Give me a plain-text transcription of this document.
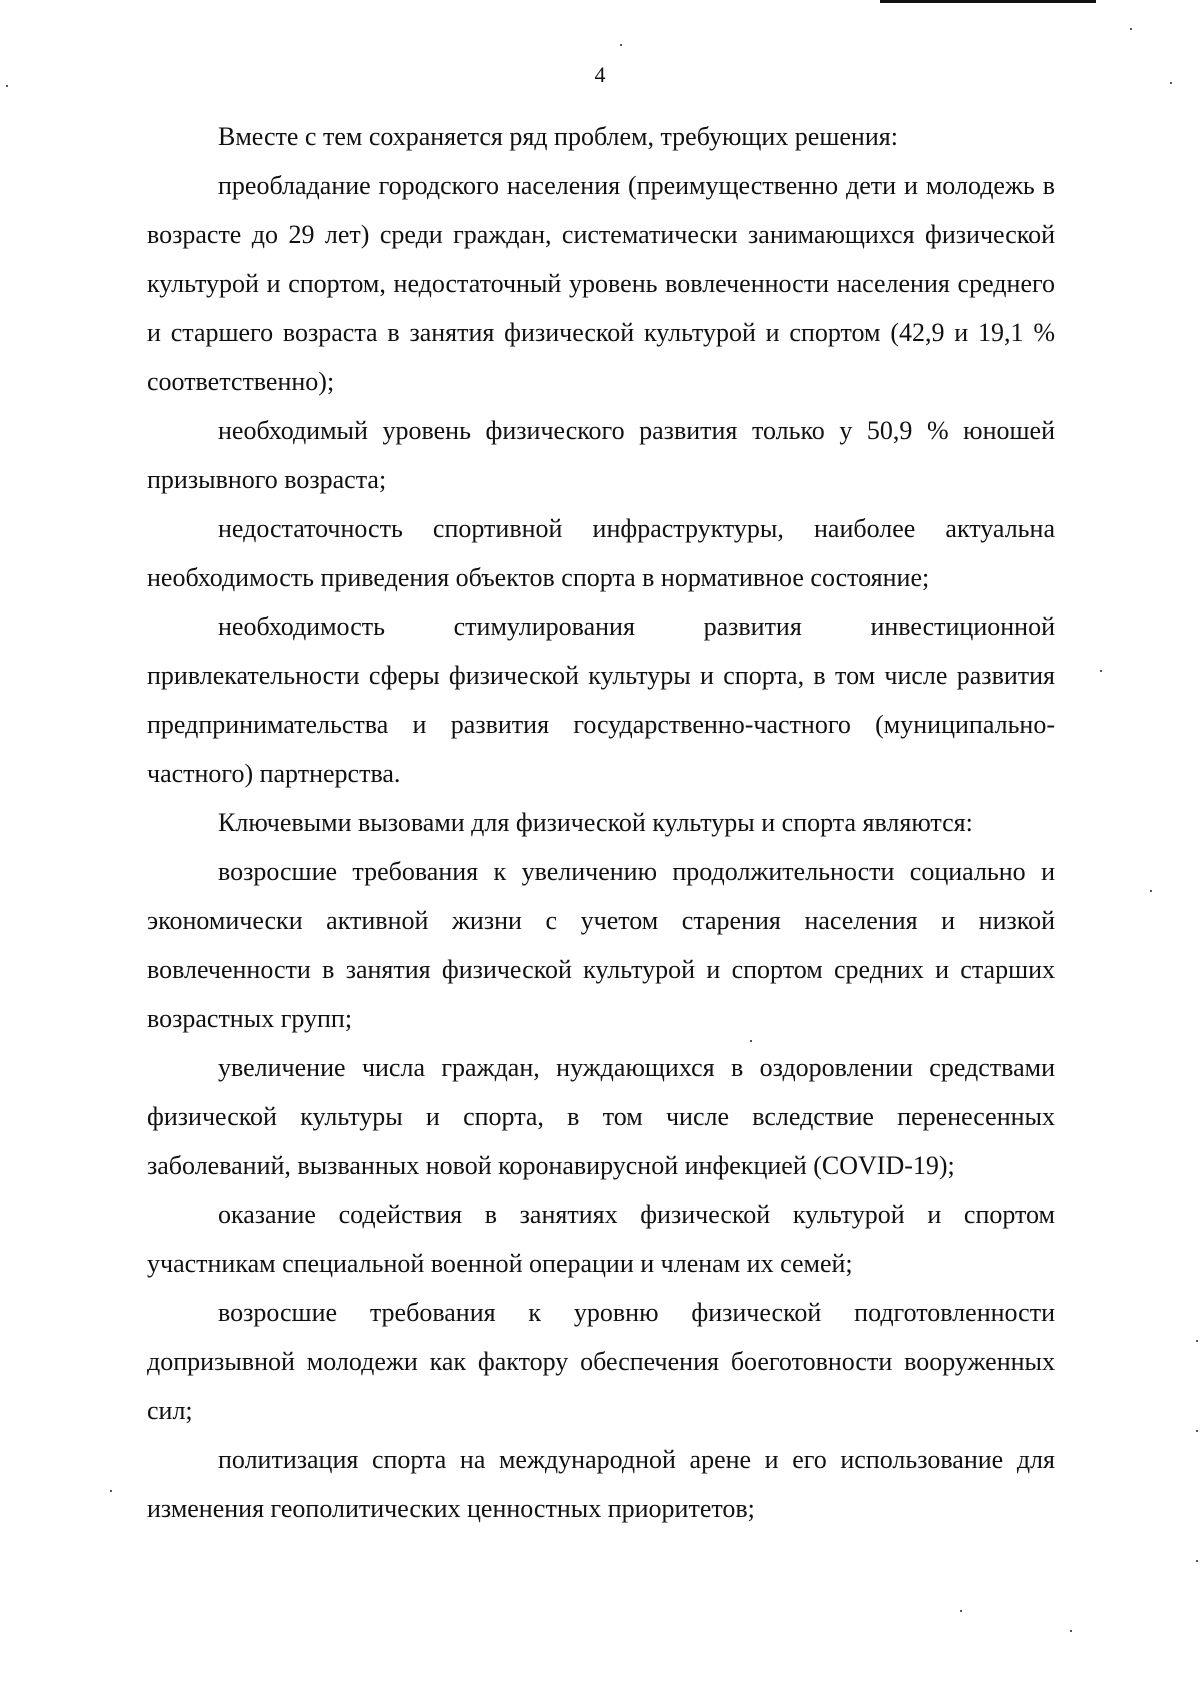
4

Вместе с тем сохраняется ряд проблем, требующих решения:

преобладание городского населения (преимущественно дети и молодежь в возрасте до 29 лет) среди граждан, систематически занимающихся физической культурой и спортом, недостаточный уровень вовлеченности населения среднего и старшего возраста в занятия физической культурой и спортом (42,9 и 19,1 % соответственно);

необходимый уровень физического развития только у 50,9 % юношей призывного возраста;

недостаточность спортивной инфраструктуры, наиболее актуальна необходимость приведения объектов спорта в нормативное состояние;

необходимость стимулирования развития инвестиционной привлекательности сферы физической культуры и спорта, в том числе развития предпринимательства и развития государственно-частного (муниципально-частного) партнерства.

Ключевыми вызовами для физической культуры и спорта являются:

возросшие требования к увеличению продолжительности социально и экономически активной жизни с учетом старения населения и низкой вовлеченности в занятия физической культурой и спортом средних и старших возрастных групп;

увеличение числа граждан, нуждающихся в оздоровлении средствами физической культуры и спорта, в том числе вследствие перенесенных заболеваний, вызванных новой коронавирусной инфекцией (COVID-19);

оказание содействия в занятиях физической культурой и спортом участникам специальной военной операции и членам их семей;

возросшие требования к уровню физической подготовленности допризывной молодежи как фактору обеспечения боеготовности вооруженных сил;

политизация спорта на международной арене и его использование для изменения геополитических ценностных приоритетов;
